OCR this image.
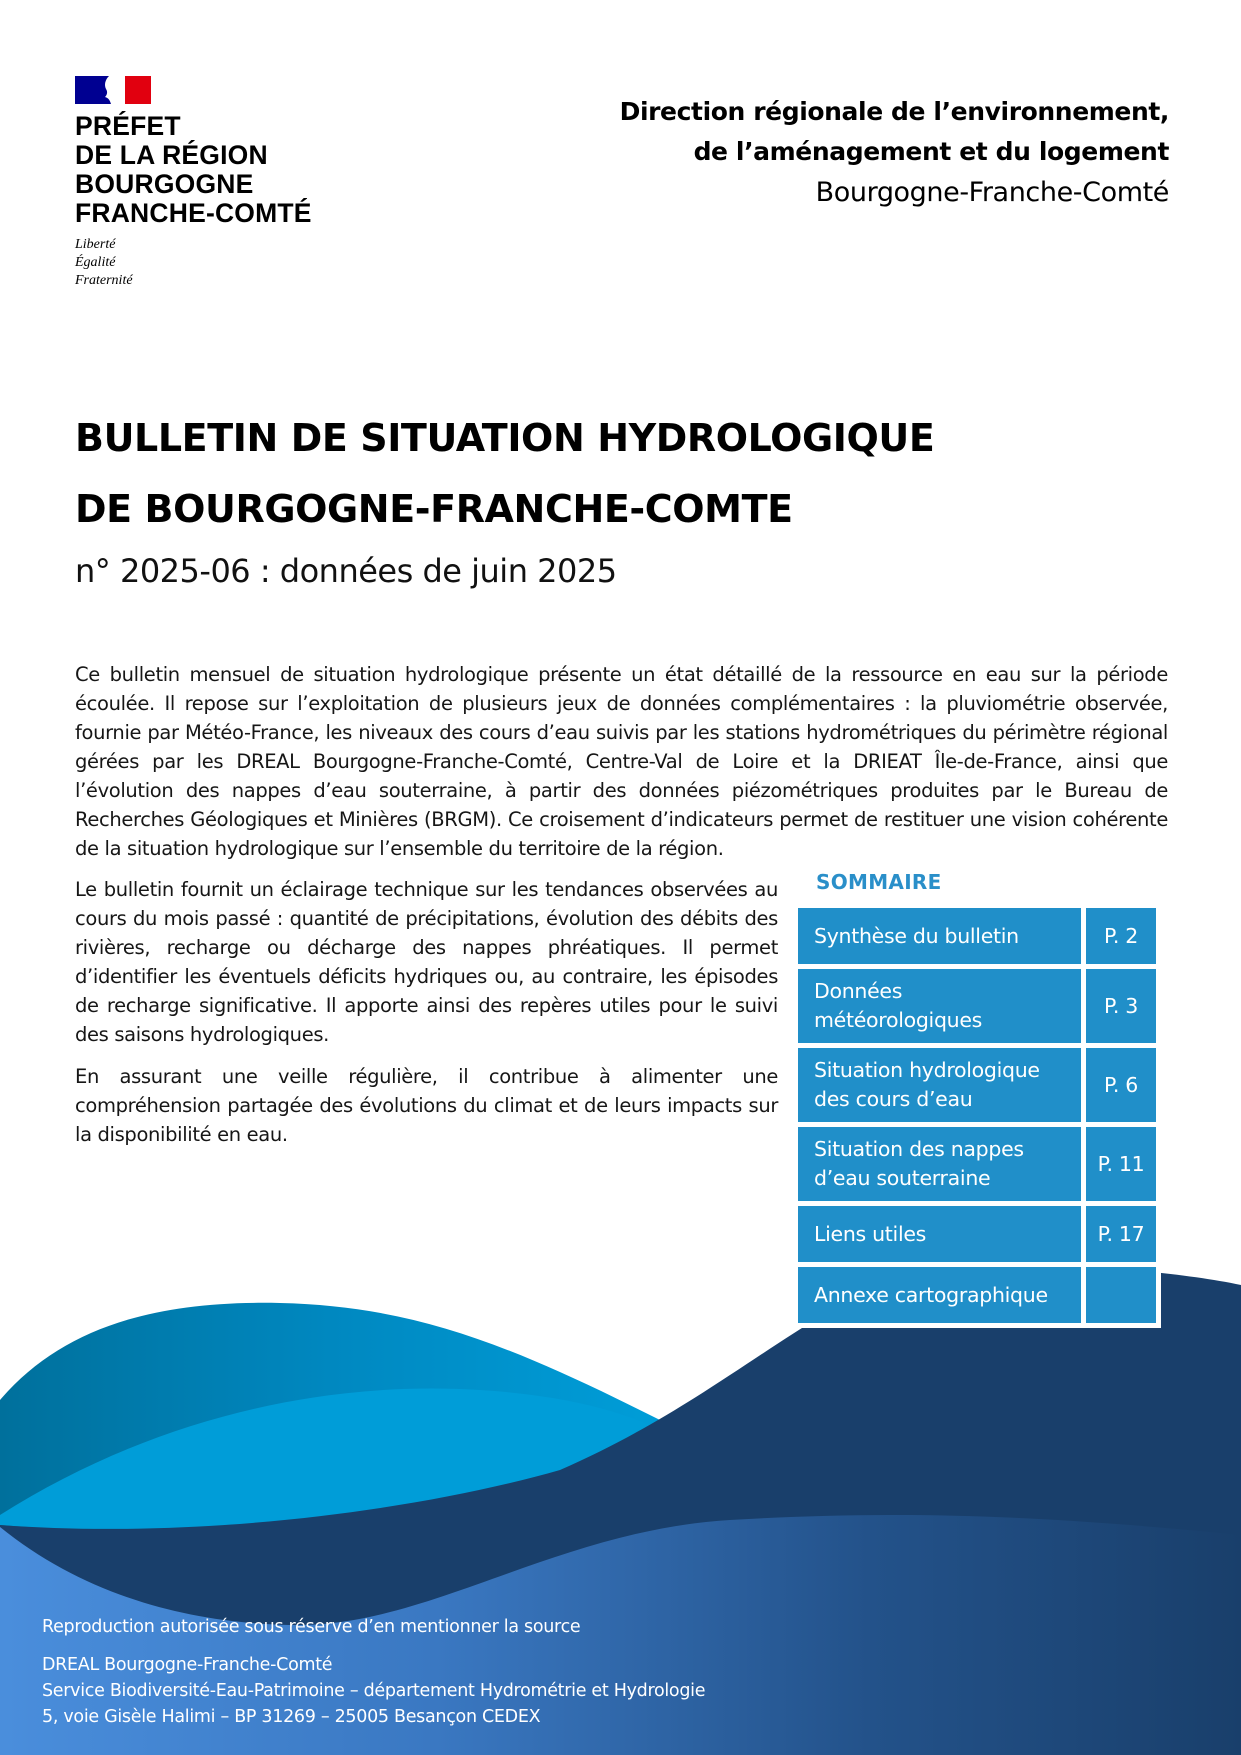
PRÉFET
DE LA RÉGION
BOURGOGNE
FRANCHE-COMTÉ
Liberté
Égalité
Fraternité
Direction régionale de l’environnement,
de l’aménagement et du logement
Bourgogne-Franche-Comté
BULLETIN DE SITUATION HYDROLOGIQUE
DE BOURGOGNE-FRANCHE-COMTE
n° 2025-06 : données de juin 2025

Ce bulletin mensuel de situation hydrologique présente un état détaillé de la ressource en eau sur la période écoulée. Il repose sur l’exploitation de plusieurs jeux de données complémentaires : la pluviométrie observée, fournie par Météo-France, les niveaux des cours d’eau suivis par les stations hydrométriques du périmètre régional gérées par les DREAL Bourgogne-Franche-Comté, Centre-Val de Loire et la DRIEAT Île-de-France, ainsi que l’évolution des nappes d’eau souterraine, à partir des données piézométriques produites par le Bureau de Recherches Géologiques et Minières (BRGM). Ce croisement d’indicateurs permet de restituer une vision cohérente de la situation hydrologique sur l’ensemble du territoire de la région.

Le bulletin fournit un éclairage technique sur les tendances observées au cours du mois passé : quantité de précipitations, évolution des débits des rivières, recharge ou décharge des nappes phréatiques. Il permet d’identifier les éventuels déficits hydriques ou, au contraire, les épisodes de recharge significative. Il apporte ainsi des repères utiles pour le suivi des saisons hydrologiques.

En assurant une veille régulière, il contribue à alimenter une compréhension partagée des évolutions du climat et de leurs impacts sur la disponibilité en eau.

SOMMAIRE
Synthèse du bulletin	P. 2
Données météorologiques	P. 3
Situation hydrologique des cours d’eau	P. 6
Situation des nappes d’eau souterraine	P. 11
Liens utiles	P. 17
Annexe cartographique	
Reproduction autorisée sous réserve d’en mentionner la source
DREAL Bourgogne-Franche-Comté
Service Biodiversité-Eau-Patrimoine – département Hydrométrie et Hydrologie
5, voie Gisèle Halimi – BP 31269 – 25005 Besançon CEDEX
